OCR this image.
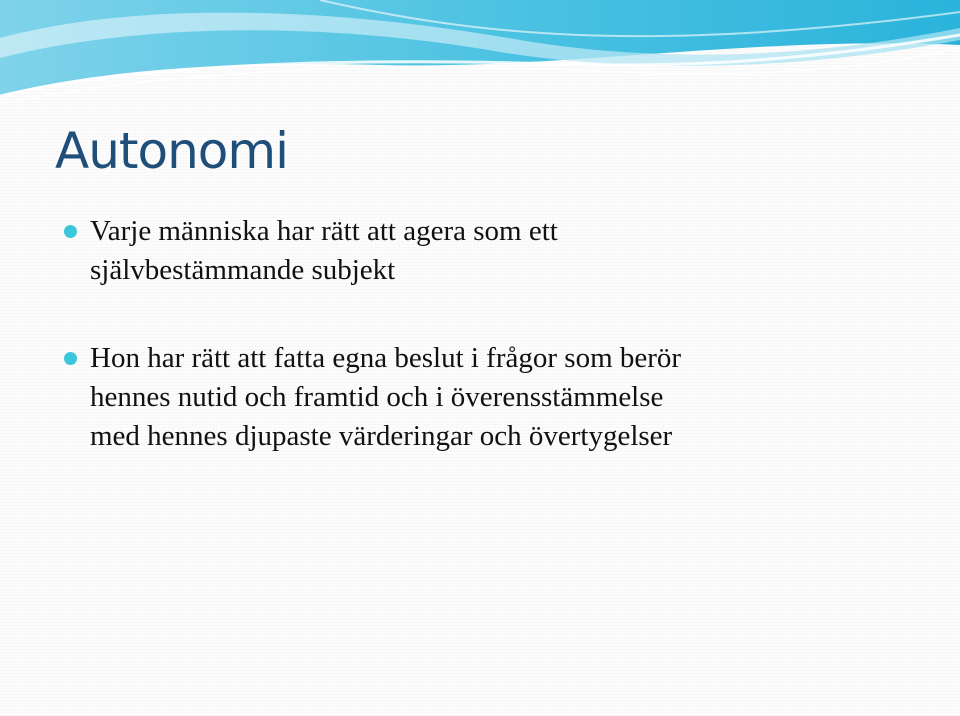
Autonomi
Varje människa har rätt att agera som ett
självbestämmande subjekt
Hon har rätt att fatta egna beslut i frågor som berör
hennes nutid och framtid och i överensstämmelse
med hennes djupaste värderingar och övertygelser
